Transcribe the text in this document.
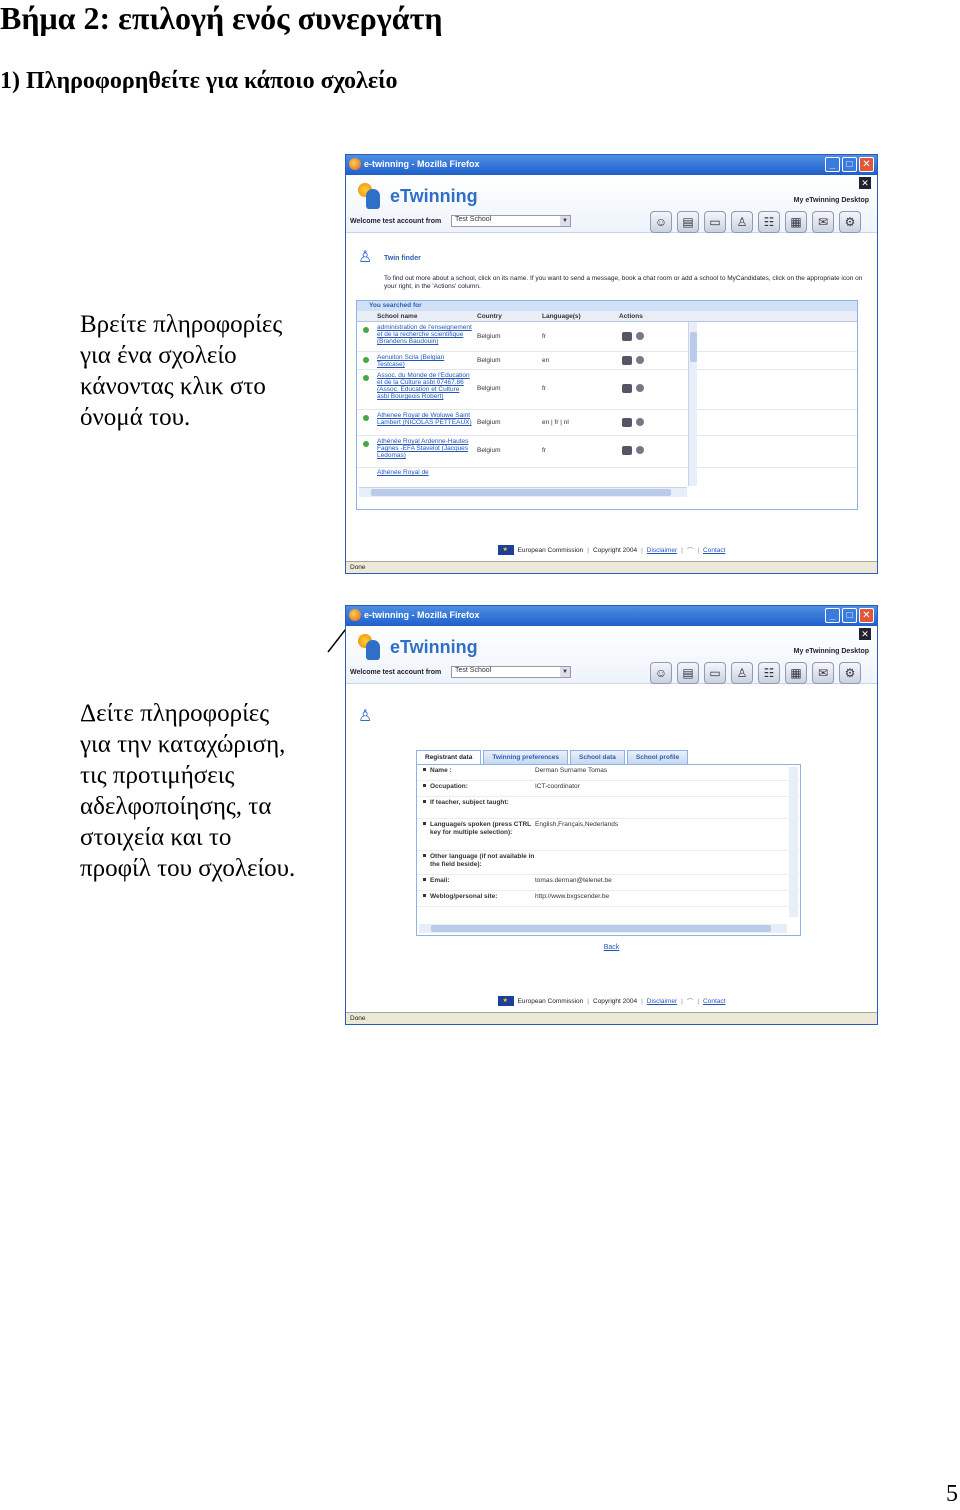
Βήμα 2: επιλογή ενός συνεργάτη
1) Πληροφορηθείτε για κάποιο σχολείο
Βρείτε πληροφορίες
για ένα σχολείο
κάνοντας κλικ στο
όνομά του.
Δείτε πληροφορίες
για την καταχώριση,
τις προτιμήσεις
αδελφοποίησης, τα
στοιχεία και το
προφίλ του σχολείου.
e-twinning - Mozilla Firefox	_	□ ✕
✕
eTwinning	My eTwinning Desktop
Welcome test account from	Test School	▼	☺	▤	▭	♙	☷	▦	✉	⚙
♙	Twin finder
To find out more about a school, click on its name. If you want to send a message, book a chat room or add a school to MyCandidates, click on the appropriate icon on your right, in the 'Actions' column.
You searched for
School name	Country	Language(s)	Actions
administration de l'enseignement et de la recherche scientifique (Brandens Baudouin)
Belgium	fr
Aenuiton Scila (Belgian Testcase)
Belgium	en
Assoc. du Monde de l'Education et de la Culture asbl 07467.86 (Assoc. Education et Culture asbl Bourgeois Robert)
Belgium	fr
Athenee Royal de Woluwe Saint Lambert (NICOLAS PETTEAUX) Belgium	en | fr | nl
Athénée Royal Ardenne-Hautes Fagnes -EFA Stavelot (Jacques Ledomas)
Belgium	fr
Athénée Royal de
★
European Commission | Copyright 2004 | Disclaimer | ⌒ | Contact
Done
e-twinning - Mozilla Firefox	_	□ ✕
✕
eTwinning	My eTwinning Desktop
Welcome test account from	Test School	▼	☺	▤	▭	♙	☷	▦	✉	⚙
♙
Registrant data	Twinning preferences	School data	School profile
Name :	Derman Surname Tomas
Occupation:	ICT-coordinator
If teacher, subject taught:
Language/s spoken (press CTRL key for multiple selection):
English,Français,Nederlands
Other language (if not available in the field beside):
Email:	tomas.derman@telenet.be
Weblog/personal site:	http://www.bxgscender.be
Back
★
European Commission | Copyright 2004 | Disclaimer | ⌒ | Contact
Done
5
